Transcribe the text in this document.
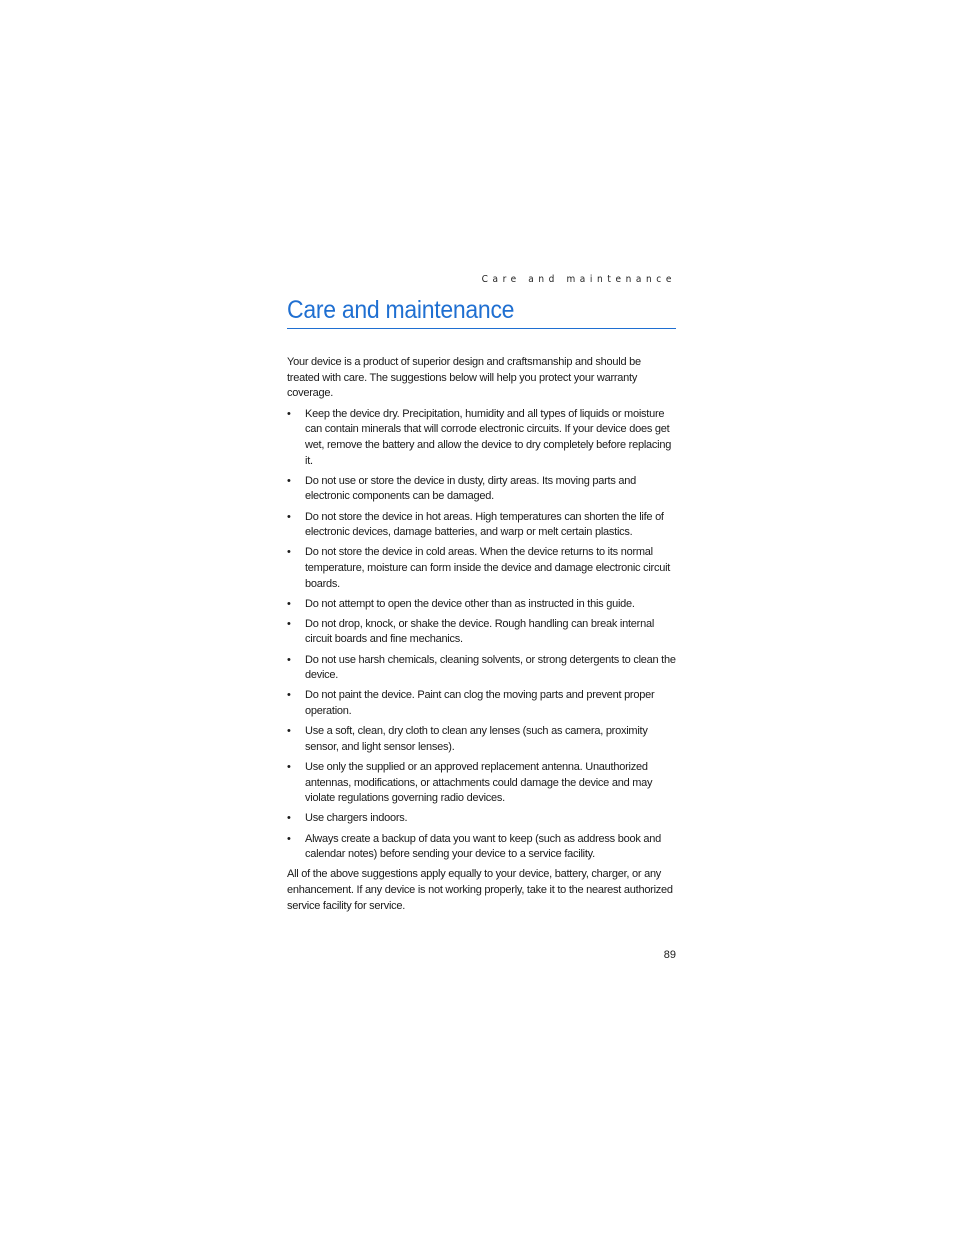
Care and maintenance
Care and maintenance

Your device is a product of superior design and craftsmanship and should be treated with care. The suggestions below will help you protect your warranty coverage.

• Keep the device dry. Precipitation, humidity and all types of liquids or moisture can contain minerals that will corrode electronic circuits. If your device does get wet, remove the battery and allow the device to dry completely before replacing it.
• Do not use or store the device in dusty, dirty areas. Its moving parts and electronic components can be damaged.
• Do not store the device in hot areas. High temperatures can shorten the life of electronic devices, damage batteries, and warp or melt certain plastics.
• Do not store the device in cold areas. When the device returns to its normal temperature, moisture can form inside the device and damage electronic circuit boards.
• Do not attempt to open the device other than as instructed in this guide.
• Do not drop, knock, or shake the device. Rough handling can break internal circuit boards and fine mechanics.
• Do not use harsh chemicals, cleaning solvents, or strong detergents to clean the device.
• Do not paint the device. Paint can clog the moving parts and prevent proper operation.
• Use a soft, clean, dry cloth to clean any lenses (such as camera, proximity sensor, and light sensor lenses).
• Use only the supplied or an approved replacement antenna. Unauthorized antennas, modifications, or attachments could damage the device and may violate regulations governing radio devices.
• Use chargers indoors.
• Always create a backup of data you want to keep (such as address book and calendar notes) before sending your device to a service facility.

All of the above suggestions apply equally to your device, battery, charger, or any enhancement. If any device is not working properly, take it to the nearest authorized service facility for service.

89
